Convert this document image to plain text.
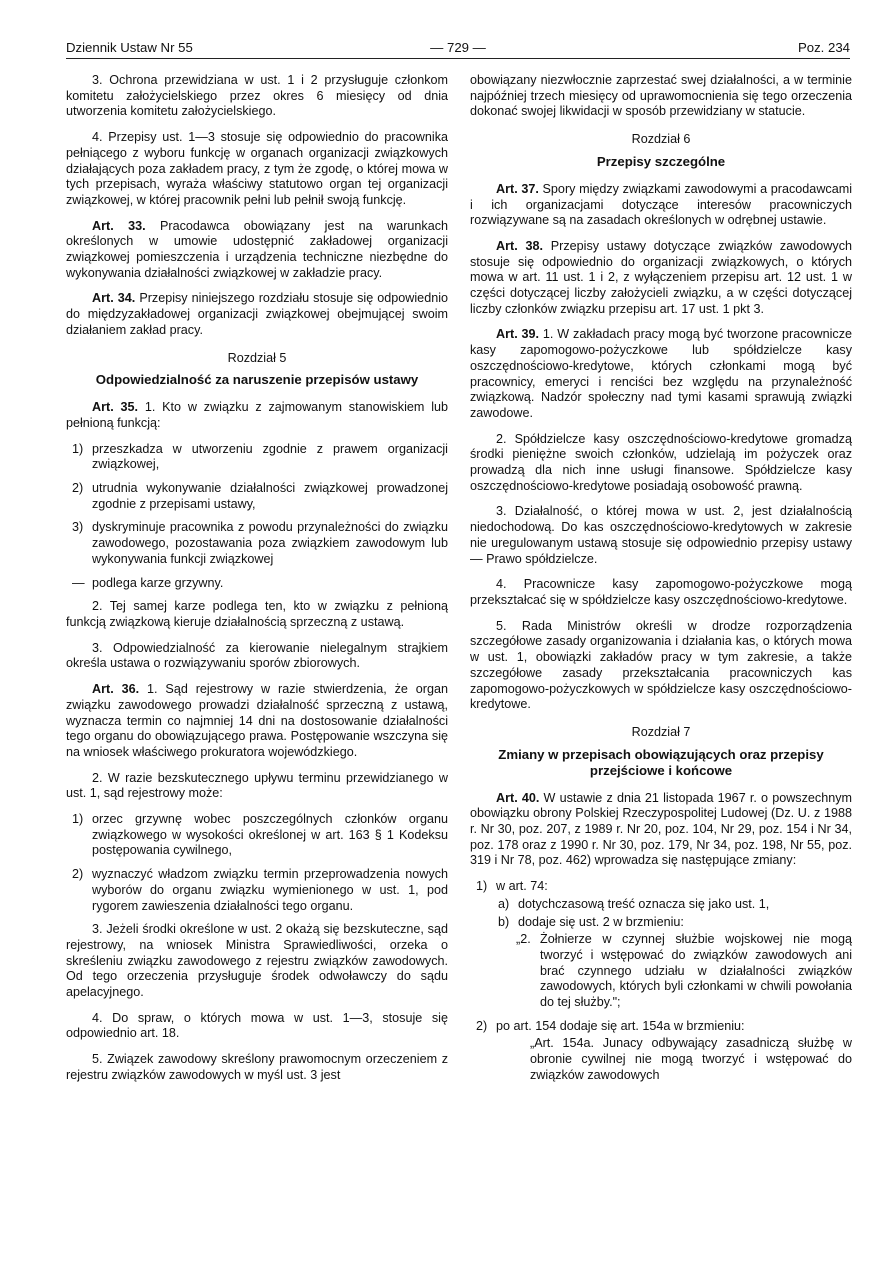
Dziennik Ustaw Nr 55	— 729 —	Poz. 234

3. Ochrona przewidziana w ust. 1 i 2 przysługuje członkom komitetu założycielskiego przez okres 6 miesięcy od dnia utworzenia komitetu założycielskiego.

4. Przepisy ust. 1—3 stosuje się odpowiednio do pracownika pełniącego z wyboru funkcję w organach organizacji związkowych działających poza zakładem pracy, z tym że zgodę, o której mowa w tych przepisach, wyraża właściwy statutowo organ tej organizacji związkowej, w której pracownik pełni lub pełnił swoją funkcję.

Art. 33. Pracodawca obowiązany jest na warunkach określonych w umowie udostępnić zakładowej organizacji związkowej pomieszczenia i urządzenia techniczne niezbędne do wykonywania działalności związkowej w zakładzie pracy.

Art. 34. Przepisy niniejszego rozdziału stosuje się odpowiednio do międzyzakładowej organizacji związkowej obejmującej swoim działaniem zakład pracy.

Rozdział 5
Odpowiedzialność za naruszenie przepisów ustawy

Art. 35. 1. Kto w związku z zajmowanym stanowiskiem lub pełnioną funkcją:

1) przeszkadza w utworzeniu zgodnie z prawem organizacji związkowej,
2) utrudnia wykonywanie działalności związkowej prowadzonej zgodnie z przepisami ustawy,
3) dyskryminuje pracownika z powodu przynależności do związku zawodowego, pozostawania poza związkiem zawodowym lub wykonywania funkcji związkowej
— podlega karze grzywny.

2. Tej samej karze podlega ten, kto w związku z pełnioną funkcją związkową kieruje działalnością sprzeczną z ustawą.

3. Odpowiedzialność za kierowanie nielegalnym strajkiem określa ustawa o rozwiązywaniu sporów zbiorowych.

Art. 36. 1. Sąd rejestrowy w razie stwierdzenia, że organ związku zawodowego prowadzi działalność sprzeczną z ustawą, wyznacza termin co najmniej 14 dni na dostosowanie działalności tego organu do obowiązującego prawa. Postępowanie wszczyna się na wniosek właściwego prokuratora wojewódzkiego.

2. W razie bezskutecznego upływu terminu przewidzianego w ust. 1, sąd rejestrowy może:

1) orzec grzywnę wobec poszczególnych członków organu związkowego w wysokości określonej w art. 163 § 1 Kodeksu postępowania cywilnego,
2) wyznaczyć władzom związku termin przeprowadzenia nowych wyborów do organu związku wymienionego w ust. 1, pod rygorem zawieszenia działalności tego organu.

3. Jeżeli środki określone w ust. 2 okażą się bezskuteczne, sąd rejestrowy, na wniosek Ministra Sprawiedliwości, orzeka o skreśleniu związku zawodowego z rejestru związków zawodowych. Od tego orzeczenia przysługuje środek odwoławczy do sądu apelacyjnego.

4. Do spraw, o których mowa w ust. 1—3, stosuje się odpowiednio art. 18.

5. Związek zawodowy skreślony prawomocnym orzeczeniem z rejestru związków zawodowych w myśl ust. 3 jest

obowiązany niezwłocznie zaprzestać swej działalności, a w terminie najpóźniej trzech miesięcy od uprawomocnienia się tego orzeczenia dokonać swojej likwidacji w sposób przewidziany w statucie.

Rozdział 6
Przepisy szczególne

Art. 37. Spory między związkami zawodowymi a pracodawcami i ich organizacjami dotyczące interesów pracowniczych rozwiązywane są na zasadach określonych w odrębnej ustawie.

Art. 38. Przepisy ustawy dotyczące związków zawodowych stosuje się odpowiednio do organizacji związkowych, o których mowa w art. 11 ust. 1 i 2, z wyłączeniem przepisu art. 12 ust. 1 w części dotyczącej liczby założycieli związku, a w części dotyczącej liczby członków związku przepisu art. 17 ust. 1 pkt 3.

Art. 39. 1. W zakładach pracy mogą być tworzone pracownicze kasy zapomogowo-pożyczkowe lub spółdzielcze kasy oszczędnościowo-kredytowe, których członkami mogą być pracownicy, emeryci i renciści bez względu na przynależność związkową. Nadzór społeczny nad tymi kasami sprawują związki zawodowe.

2. Spółdzielcze kasy oszczędnościowo-kredytowe gromadzą środki pieniężne swoich członków, udzielają im pożyczek oraz prowadzą dla nich inne usługi finansowe. Spółdzielcze kasy oszczędnościowo-kredytowe posiadają osobowość prawną.

3. Działalność, o której mowa w ust. 2, jest działalnością niedochodową. Do kas oszczędnościowo-kredytowych w zakresie nie uregulowanym ustawą stosuje się odpowiednio przepisy ustawy — Prawo spółdzielcze.

4. Pracownicze kasy zapomogowo-pożyczkowe mogą przekształcać się w spółdzielcze kasy oszczędnościowo-kredytowe.

5. Rada Ministrów określi w drodze rozporządzenia szczegółowe zasady organizowania i działania kas, o których mowa w ust. 1, obowiązki zakładów pracy w tym zakresie, a także szczegółowe zasady przekształcania pracowniczych kas zapomogowo-pożyczkowych w spółdzielcze kasy oszczędnościowo-kredytowe.

Rozdział 7
Zmiany w przepisach obowiązujących oraz przepisy przejściowe i końcowe

Art. 40. W ustawie z dnia 21 listopada 1967 r. o powszechnym obowiązku obrony Polskiej Rzeczypospolitej Ludowej (Dz. U. z 1988 r. Nr 30, poz. 207, z 1989 r. Nr 20, poz. 104, Nr 29, poz. 154 i Nr 34, poz. 178 oraz z 1990 r. Nr 30, poz. 179, Nr 34, poz. 198, Nr 55, poz. 319 i Nr 78, poz. 462) wprowadza się następujące zmiany:

1) w art. 74:
a) dotychczasową treść oznacza się jako ust. 1,
b) dodaje się ust. 2 w brzmieniu:
„2. Żołnierze w czynnej służbie wojskowej nie mogą tworzyć i wstępować do związków zawodowych ani brać czynnego udziału w działalności związków zawodowych, których byli członkami w chwili powołania do tej służby.";
2) po art. 154 dodaje się art. 154a w brzmieniu:
„Art. 154a. Junacy odbywający zasadniczą służbę w obronie cywilnej nie mogą tworzyć i wstępować do związków zawodowych
